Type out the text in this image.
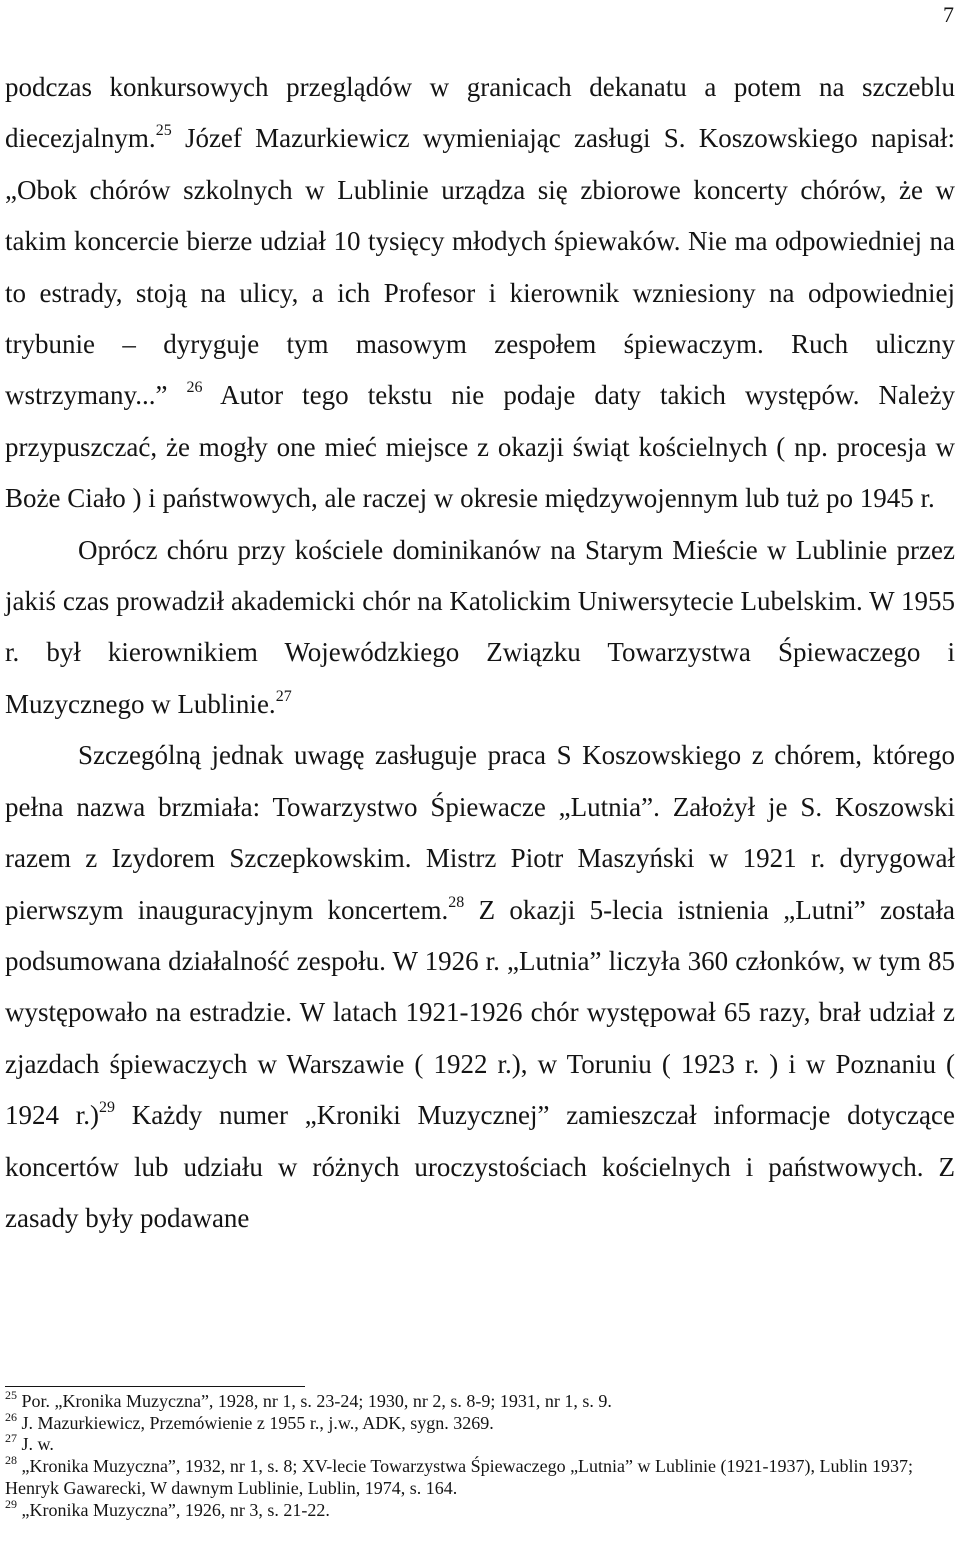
7

podczas konkursowych przeglądów w granicach dekanatu a potem na szczeblu diecezjalnym.$^{25}$ Józef Mazurkiewicz wymieniając zasługi S. Koszowskiego napisał: „Obok chórów szkolnych w Lublinie urządza się zbiorowe koncerty chórów, że w takim koncercie bierze udział 10 tysięcy młodych śpiewaków. Nie ma odpowiedniej na to estrady, stoją na ulicy, a ich Profesor i kierownik wzniesiony na odpowiedniej trybunie – dyryguje tym masowym zespołem śpiewaczym. Ruch uliczny wstrzymany...” $^{26}$ Autor tego tekstu nie podaje daty takich występów. Należy przypuszczać, że mogły one mieć miejsce z okazji świąt kościelnych ( np. procesja w Boże Ciało ) i państwowych, ale raczej w okresie międzywojennym lub tuż po 1945 r.

Oprócz chóru przy kościele dominikanów na Starym Mieście w Lublinie przez jakiś czas prowadził akademicki chór na Katolickim Uniwersytecie Lubelskim. W 1955 r. był kierownikiem Wojewódzkiego Związku Towarzystwa Śpiewaczego i Muzycznego w Lublinie.$^{27}$

Szczególną jednak uwagę zasługuje praca S Koszowskiego z chórem, którego pełna nazwa brzmiała: Towarzystwo Śpiewacze „Lutnia”. Założył je S. Koszowski razem z Izydorem Szczepkowskim. Mistrz Piotr Maszyński w 1921 r. dyrygował pierwszym inauguracyjnym koncertem.$^{28}$ Z okazji 5-lecia istnienia „Lutni” została podsumowana działalność zespołu. W 1926 r. „Lutnia” liczyła 360 członków, w tym 85 występowało na estradzie. W latach 1921-1926 chór występował 65 razy, brał udział z zjazdach śpiewaczych w Warszawie ( 1922 r.), w Toruniu ( 1923 r. ) i w Poznaniu ( 1924 r.)$^{29}$ Każdy numer „Kroniki Muzycznej” zamieszczał informacje dotyczące koncertów lub udziału w różnych uroczystościach kościelnych i państwowych. Z zasady były podawane

$^{25}$ Por. „Kronika Muzyczna”, 1928, nr 1, s. 23-24; 1930, nr 2, s. 8-9; 1931, nr 1, s. 9.

$^{26}$ J. Mazurkiewicz, Przemówienie z 1955 r., j.w., ADK, sygn. 3269.

$^{27}$ J. w.

$^{28}$ „Kronika Muzyczna”, 1932, nr 1, s. 8; XV-lecie Towarzystwa Śpiewaczego „Lutnia” w Lublinie (1921-1937), Lublin 1937; Henryk Gawarecki, W dawnym Lublinie, Lublin, 1974, s. 164.

$^{29}$ „Kronika Muzyczna”, 1926, nr 3, s. 21-22.
